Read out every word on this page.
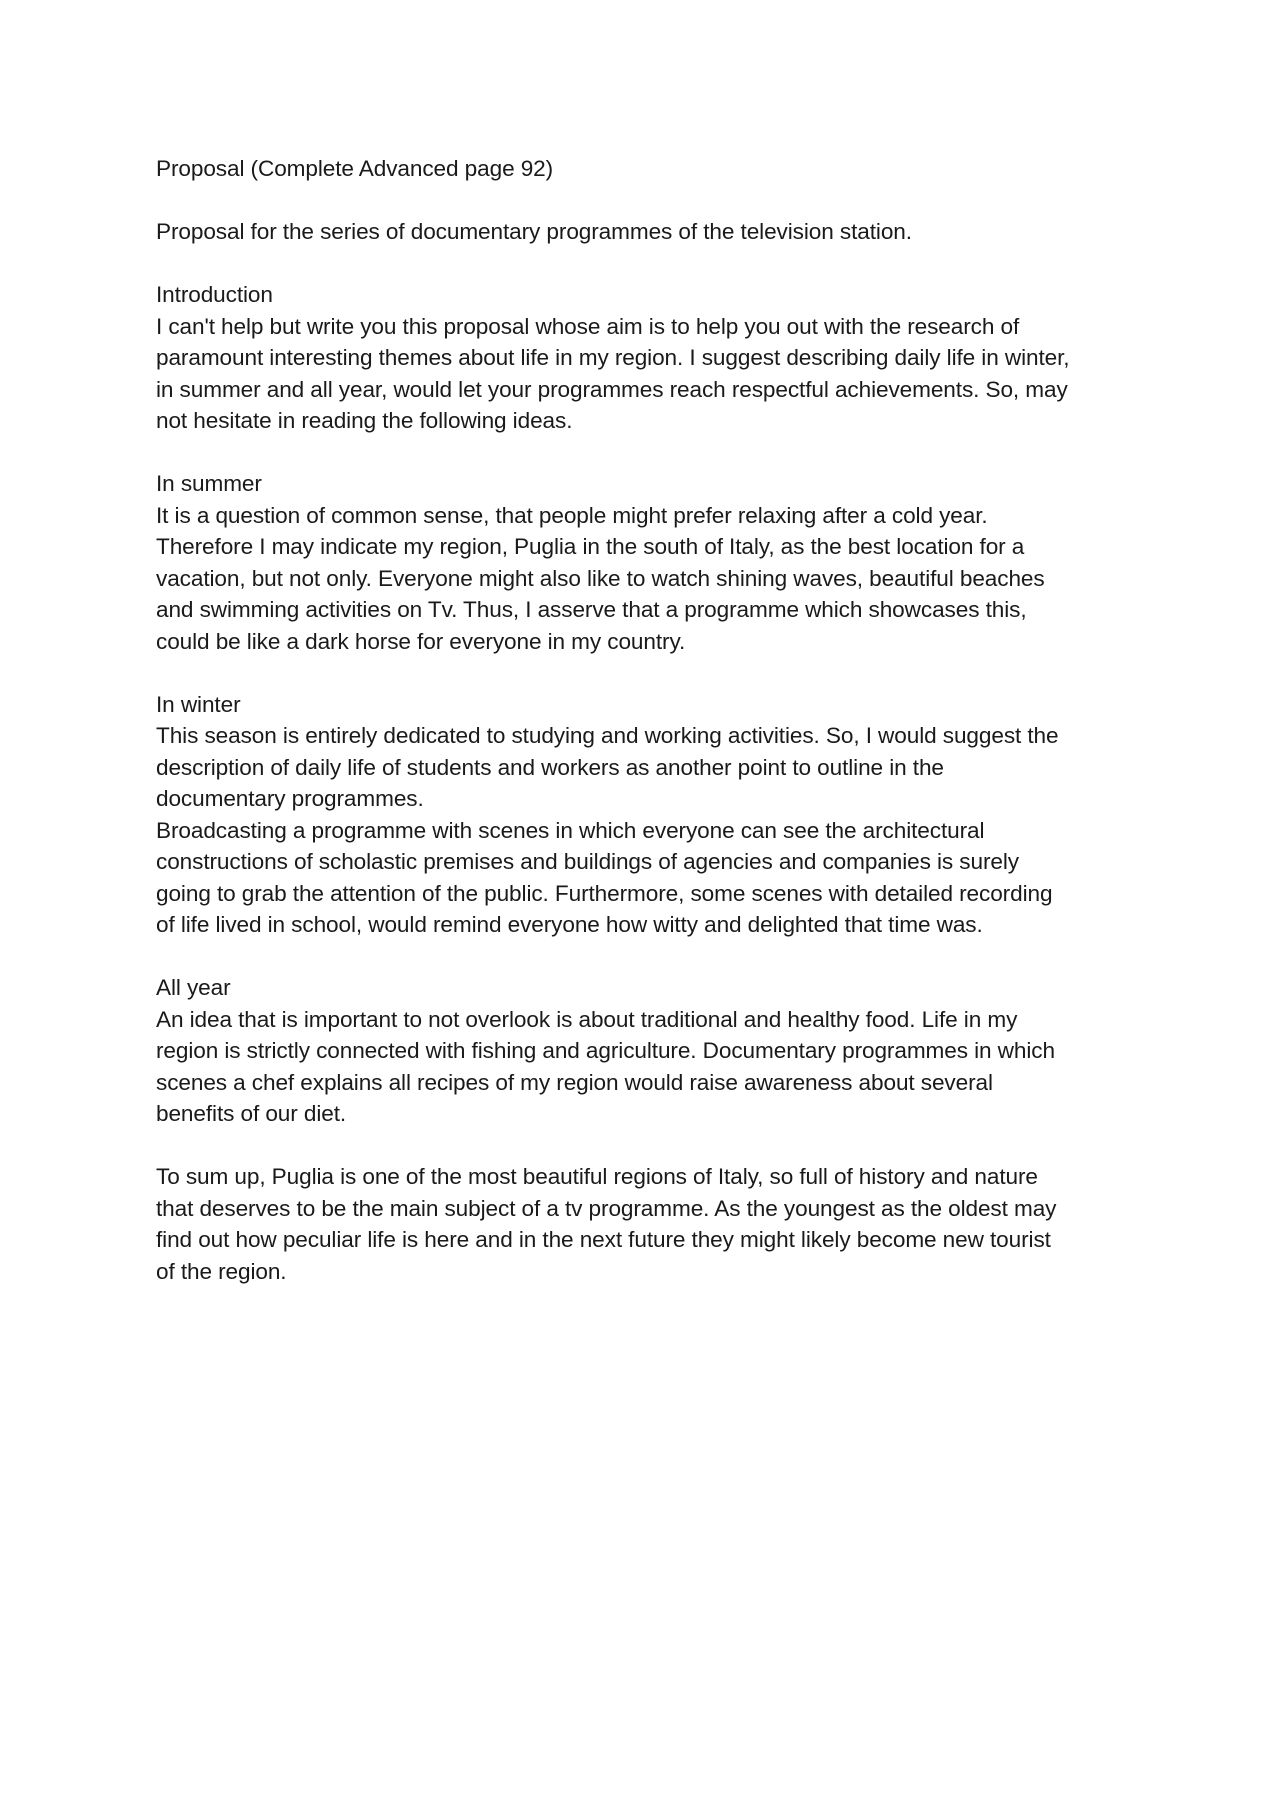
Proposal (Complete Advanced page 92)
Proposal for the series of documentary programmes of the television station.
Introduction
I can't help but write you this proposal whose aim is to help you out with the research of
paramount interesting themes about life in my region. I suggest describing daily life in winter,
in summer and all year, would let your programmes reach respectful achievements. So, may
not hesitate in reading the following ideas.
In summer
It is a question of common sense, that people might prefer relaxing after a cold year.
Therefore I may indicate my region, Puglia in the south of Italy, as the best location for a
vacation, but not only. Everyone might also like to watch shining waves, beautiful beaches
and swimming activities on Tv. Thus, I asserve that a programme which showcases this,
could be like a dark horse for everyone in my country.
In winter
This season is entirely dedicated to studying and working activities. So, I would suggest the
description of daily life of students and workers as another point to outline in the
documentary programmes.
Broadcasting a programme with scenes in which everyone can see the architectural
constructions of scholastic premises and buildings of agencies and companies is surely
going to grab the attention of the public. Furthermore, some scenes with detailed recording
of life lived in school, would remind everyone how witty and delighted that time was.
All year
An idea that is important to not overlook is about traditional and healthy food. Life in my
region is strictly connected with fishing and agriculture. Documentary programmes in which
scenes a chef explains all recipes of my region would raise awareness about several
benefits of our diet.
To sum up, Puglia is one of the most beautiful regions of Italy, so full of history and nature
that deserves to be the main subject of a tv programme. As the youngest as the oldest may
find out how peculiar life is here and in the next future they might likely become new tourist
of the region.
